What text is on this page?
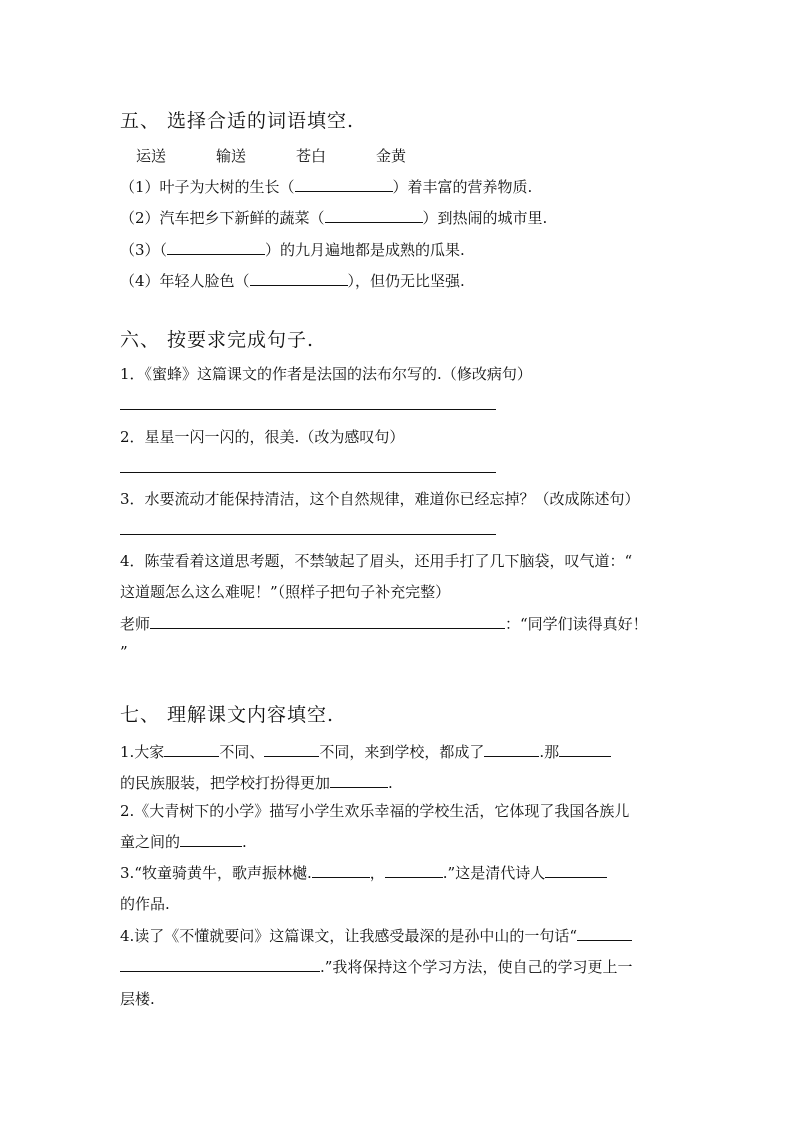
五、 选择合适的词语填空.
运送	输送	苍白	金黄
（1）叶子为大树的生长（	）着丰富的营养物质.
（2）汽车把乡下新鲜的蔬菜（	）到热闹的城市里.
（3）（	）的九月遍地都是成熟的瓜果.
（4）年轻人脸色（	），但仍无比坚强.
六、 按要求完成句子.
1．《蜜蜂》这篇课文的作者是法国的法布尔写的.（修改病句）
2．星星一闪一闪的，很美.（改为感叹句）
3．水要流动才能保持清洁，这个自然规律，难道你已经忘掉？（改成陈述句）
4．陈莹看着这道思考题，不禁皱起了眉头，还用手打了几下脑袋，叹气道：“
这道题怎么这么难呢！”（照样子把句子补充完整）
老师	：“同学们读得真好！
”
七、 理解课文内容填空.
1.大家	不同、	不同，来到学校，都成了	.那
的民族服装，把学校打扮得更加	.
2.《大青树下的小学》描写小学生欢乐幸福的学校生活，它体现了我国各族儿
童之间的	.
3.“牧童骑黄牛，歌声振林樾.	，	.”这是清代诗人
的作品.
4.读了《不懂就要问》这篇课文，让我感受最深的是孙中山的一句话“
.”我将保持这个学习方法，使自己的学习更上一
层楼.
